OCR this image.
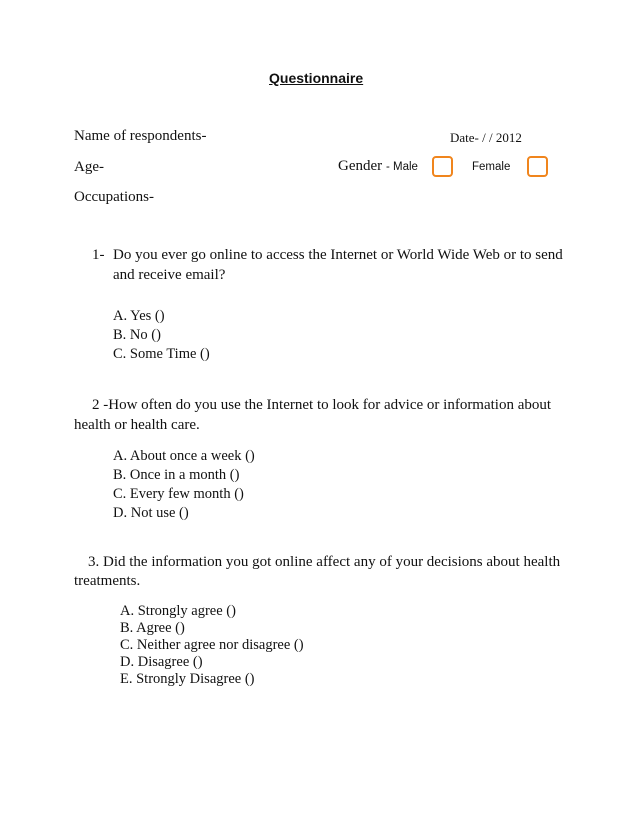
Questionnaire
Name of respondents-	Date- / / 2012
Age-	Gender - Male	Female
Occupations-
1- Do you ever go online to access the Internet or World Wide Web or to send
and receive email?
A. Yes ()
B. No ()
C. Some Time ()
2 -How often do you use the Internet to look for advice or information about
health or health care.
A. About once a week ()
B. Once in a month ()
C. Every few month ()
D. Not use ()
3. Did the information you got online affect any of your decisions about health
treatments.
A. Strongly agree ()
B. Agree ()
C. Neither agree nor disagree ()
D. Disagree ()
E. Strongly Disagree ()
